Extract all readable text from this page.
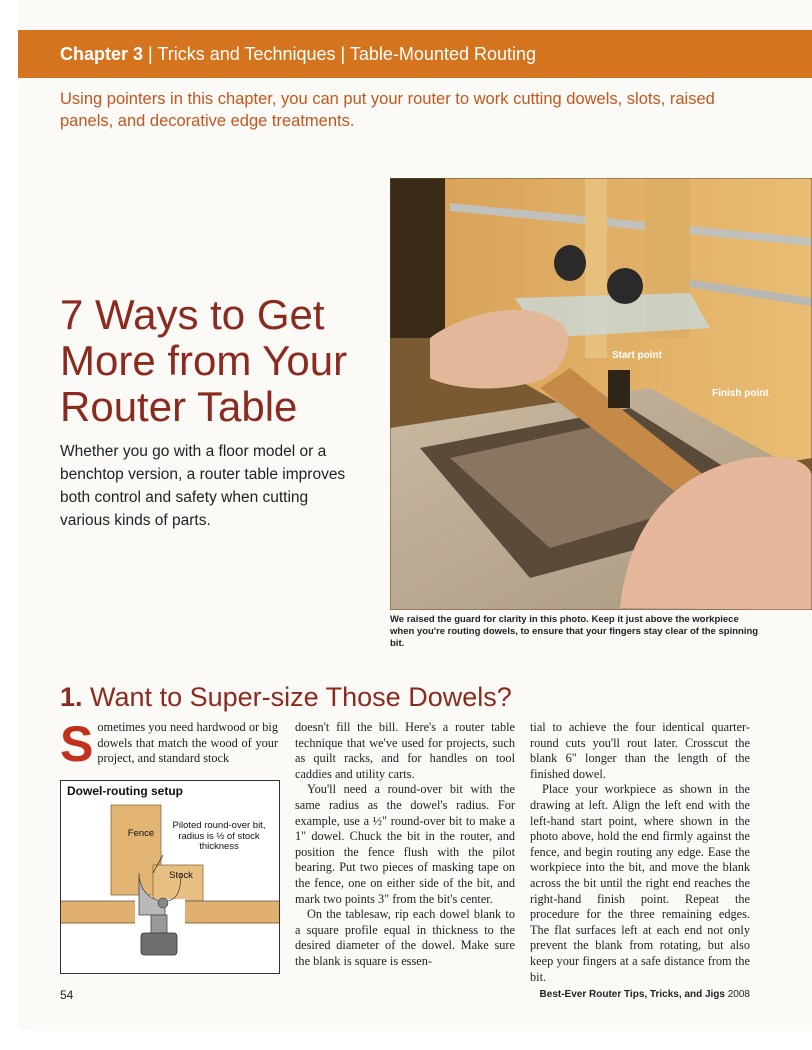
Chapter 3 | Tricks and Techniques | Table-Mounted Routing
Using pointers in this chapter, you can put your router to work cutting dowels, slots, raised panels, and decorative edge treatments.
Start point
Finish point
We raised the guard for clarity in this photo. Keep it just above the workpiece when you're routing dowels, to ensure that your fingers stay clear of the spinning bit.
7 Ways to Get More from Your Router Table
Whether you go with a floor model or a benchtop version, a router table improves both control and safety when cutting various kinds of parts.
1. Want to Super-size Those Dowels?
S ometimes you need hardwood or big dowels that match the wood of your project, and standard stock
Dowel-routing setup
Fence
Piloted round-over bit, radius is ½ of stock thickness
Stock

doesn't fill the bill. Here's a router table technique that we've used for projects, such as quilt racks, and for handles on tool caddies and utility carts.

You'll need a round-over bit with the same radius as the dowel's radius. For example, use a ½" round-over bit to make a 1" dowel. Chuck the bit in the router, and position the fence flush with the pilot bearing. Put two pieces of masking tape on the fence, one on either side of the bit, and mark two points 3" from the bit's center.

On the tablesaw, rip each dowel blank to a square profile equal in thickness to the desired diameter of the dowel. Make sure the blank is square is essen-

tial to achieve the four identical quarter-round cuts you'll rout later. Crosscut the blank 6" longer than the length of the finished dowel.

Place your workpiece as shown in the drawing at left. Align the left end with the left-hand start point, where shown in the photo above, hold the end firmly against the fence, and begin routing any edge. Ease the workpiece into the bit, and move the blank across the bit until the right end reaches the right-hand finish point. Repeat the procedure for the three remaining edges. The flat surfaces left at each end not only prevent the blank from rotating, but also keep your fingers at a safe distance from the bit.

54	Best-Ever Router Tips, Tricks, and Jigs 2008
